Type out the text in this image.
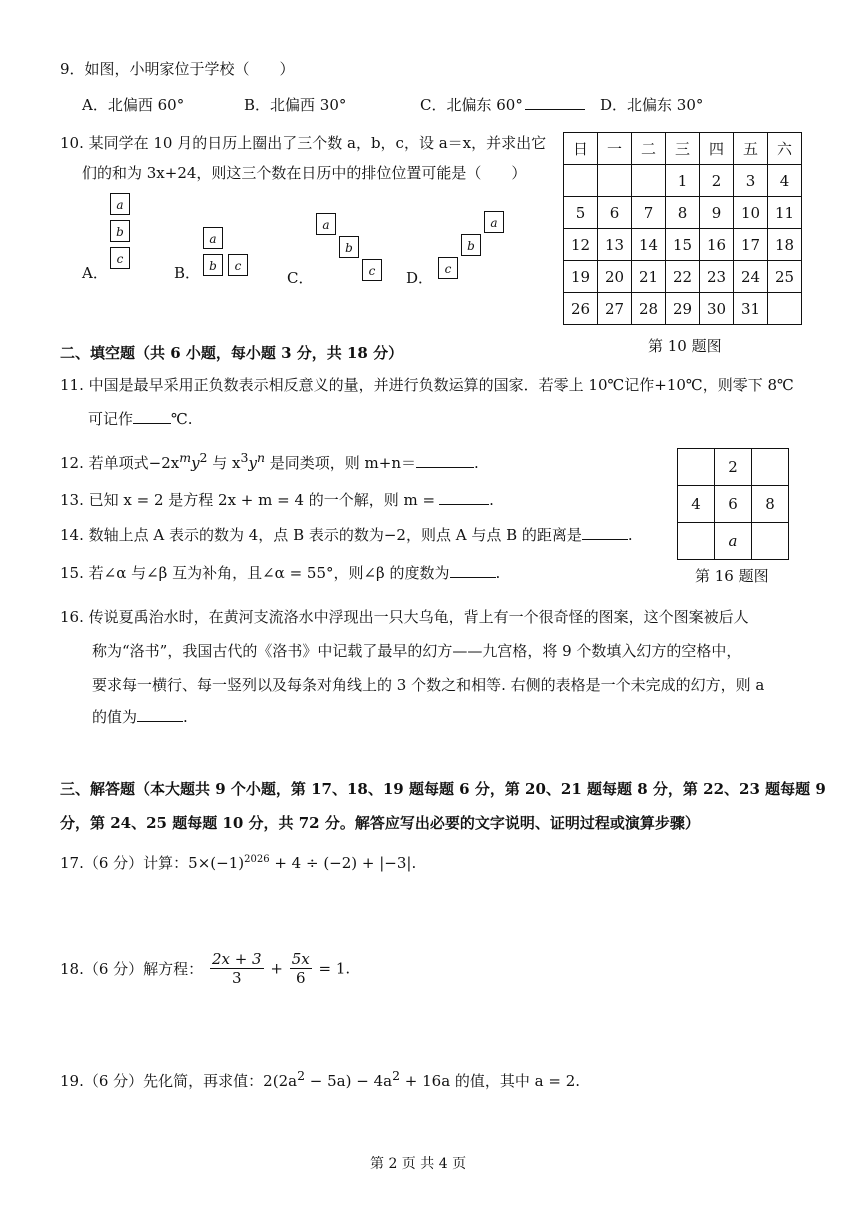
9．如图，小明家位于学校（　　）
A．北偏西 60°	B．北偏西 30°	C．北偏东 60°	D．北偏东 30°
10. 某同学在 10 月的日历上圈出了三个数 a，b，c，设 a＝x，并求出它
们的和为 3x+24，则这三个数在日历中的排位位置可能是（　　）
A．
a
b
c
B．
a
b	c
C．
a
b
c	D．
a
b
c
日	一	二	三	四	五	六
			1	2	3	4
5	6	7	8	9	10	11
12	13	14	15	16	17	18
19	20	21	22	23	24	25
26	27	28	29	30	31	
第 10 题图
二、填空题（共 6 小题，每小题 3 分，共 18 分）
11. 中国是最早采用正负数表示相反意义的量，并进行负数运算的国家．若零上 10℃记作+10℃，则零下 8℃
可记作	℃.
12. 若单项式$-2x^my^2$ 与 $x^3y^n$ 是同类项，则 m+n＝	.
13. 已知 x = 2 是方程 2x + m = 4 的一个解，则 m =	.
14. 数轴上点 A 表示的数为 4，点 B 表示的数为−2，则点 A 与点 B 的距离是	.
15. 若∠α 与∠β 互为补角，且∠α = 55°，则∠β 的度数为	.
	2	
4	6	8
	a	
第 16 题图
16. 传说夏禹治水时，在黄河支流洛水中浮现出一只大乌龟，背上有一个很奇怪的图案，这个图案被后人
称为“洛书”，我国古代的《洛书》中记载了最早的幻方——九宫格，将 9 个数填入幻方的空格中，
要求每一横行、每一竖列以及每条对角线上的 3 个数之和相等. 右侧的表格是一个未完成的幻方，则 a
的值为	.
三、解答题（本大题共 9 个小题，第 17、18、19 题每题 6 分，第 20、21 题每题 8 分，第 22、23 题每题 9
分，第 24、25 题每题 10 分，共 72 分。解答应写出必要的文字说明、证明过程或演算步骤）
17.（6 分）计算：$5\times(-1)^{2026} + 4 \div (-2) + |-3|$.
18.（6 分）解方程： $\frac{2x + 3}{3} + \frac{5x}{6} = 1$.
19.（6 分）先化简，再求值：$2(2a^2 - 5a) - 4a^2 + 16a$ 的值，其中 a = 2.
第 2 页 共 4 页
